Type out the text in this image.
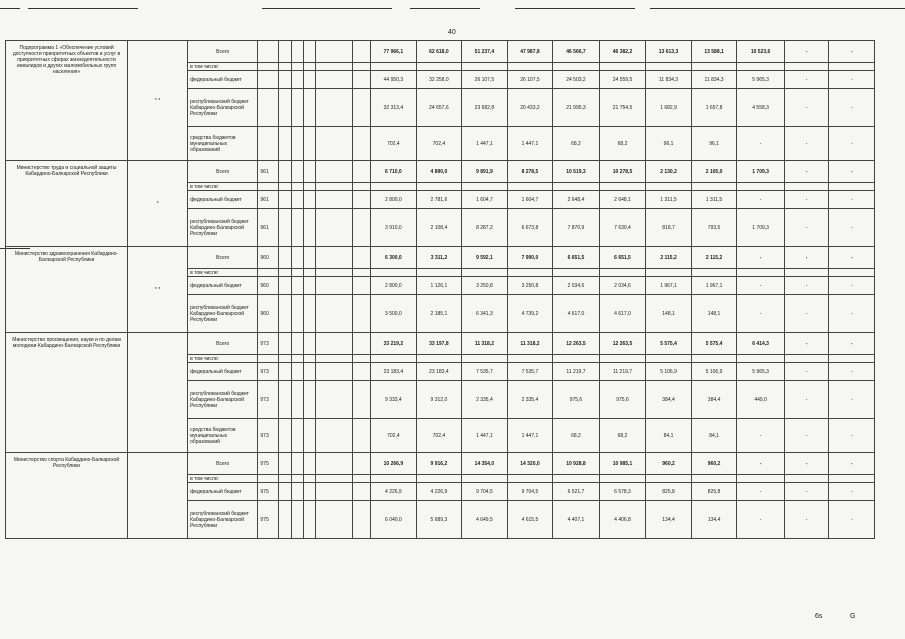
40
Подпрограмма 1 «Обеспечение условий доступности приоритетных объектов и услуг в приоритетных сферах жизнедеятельности инвалидов и других маломобильных групп населения»	* *	Всего							77 966,1	62 618,0	51 237,4	47 987,8	46 566,7	46 382,2	13 613,3	13 588,1	10 523,6	-	-
		в том числе:																	
		федеральный бюджет							44 950,3	32 258,0	26 107,5	26 107,5	24 503,2	24 559,5	11 834,3	11 834,3	5 965,3	-	-
		республиканский бюджет Кабардино-Балкарской Республики							32 313,4	24 657,6	23 682,8	20 433,2	21 995,3	21 754,5	1 682,9	1 657,8	4 558,3	-	-
		средства бюджетов муниципальных образований							702,4	702,4	1 447,1	1 447,1	68,2	68,2	96,1	96,1	-	-	-
Министерство труда и социальной защиты Кабардино-Балкарской Республики	*	Всего	961						6 710,0	4 890,0	9 891,9	8 278,5	10 519,3	10 278,5	2 130,2	2 105,0	1 709,3	-	-
		в том числе:																	
		федеральный бюджет	961						2 800,0	2 781,6	1 604,7	1 604,7	2 648,4	2 648,1	1 311,5	1 311,5	-	-	-
		республиканский бюджет Кабардино-Балкарской Республики	961						3 910,0	2 108,4	8 287,2	6 673,8	7 870,9	7 630,4	818,7	793,5	1 709,3	-	-
Министерство здравоохранения Кабардино-Балкарской Республики	* *	Всего	960						6 300,0	3 311,2	9 592,1	7 990,0	6 651,5	6 651,5	2 115,2	2 115,2	-	-	-
		в том числе:																	
		федеральный бюджет	960						2 800,0	1 126,1	3 250,8	3 250,8	2 034,6	2 034,6	1 967,1	1 967,1	-	-	-
		республиканский бюджет Кабардино-Балкарской Республики	960						3 500,0	2 185,1	6 341,3	4 739,2	4 617,0	4 617,0	148,1	148,1	-	-	-
Министерство просвещения, науки и по делам молодежи Кабардино-Балкарской Республики		Всего	973						33 219,2	33 197,8	11 318,2	11 318,2	12 263,5	12 263,5	5 575,4	5 575,4	6 414,3	-	-
		в том числе:																	
		федеральный бюджет	973						23 183,4	23 183,4	7 535,7	7 535,7	11 219,7	11 219,7	5 106,9	5 106,9	5 965,3	-	-
		республиканский бюджет Кабардино-Балкарской Республики	973						9 333,4	9 312,0	2 335,4	2 335,4	975,6	975,6	384,4	384,4	449,0	-	-
		средства бюджетов муниципальных образований	973						702,4	702,4	1 447,1	1 447,1	68,2	68,2	84,1	84,1	-	-	-
Министерство спорта Кабардино-Балкарской Республики		Всего	975						10 266,9	9 916,2	14 354,0	14 320,0	10 928,8	10 985,1	960,2	960,2	-	-	-
		в том числе:																	
		федеральный бюджет	975						4 226,9	4 226,9	9 704,5	9 704,5	6 521,7	6 578,3	825,8	825,8	-	-	-
		республиканский бюджет Кабардино-Балкарской Республики	975						6 040,0	5 689,3	4 649,5	4 615,5	4 407,1	4 406,8	134,4	134,4	-	-	-
6s	G
